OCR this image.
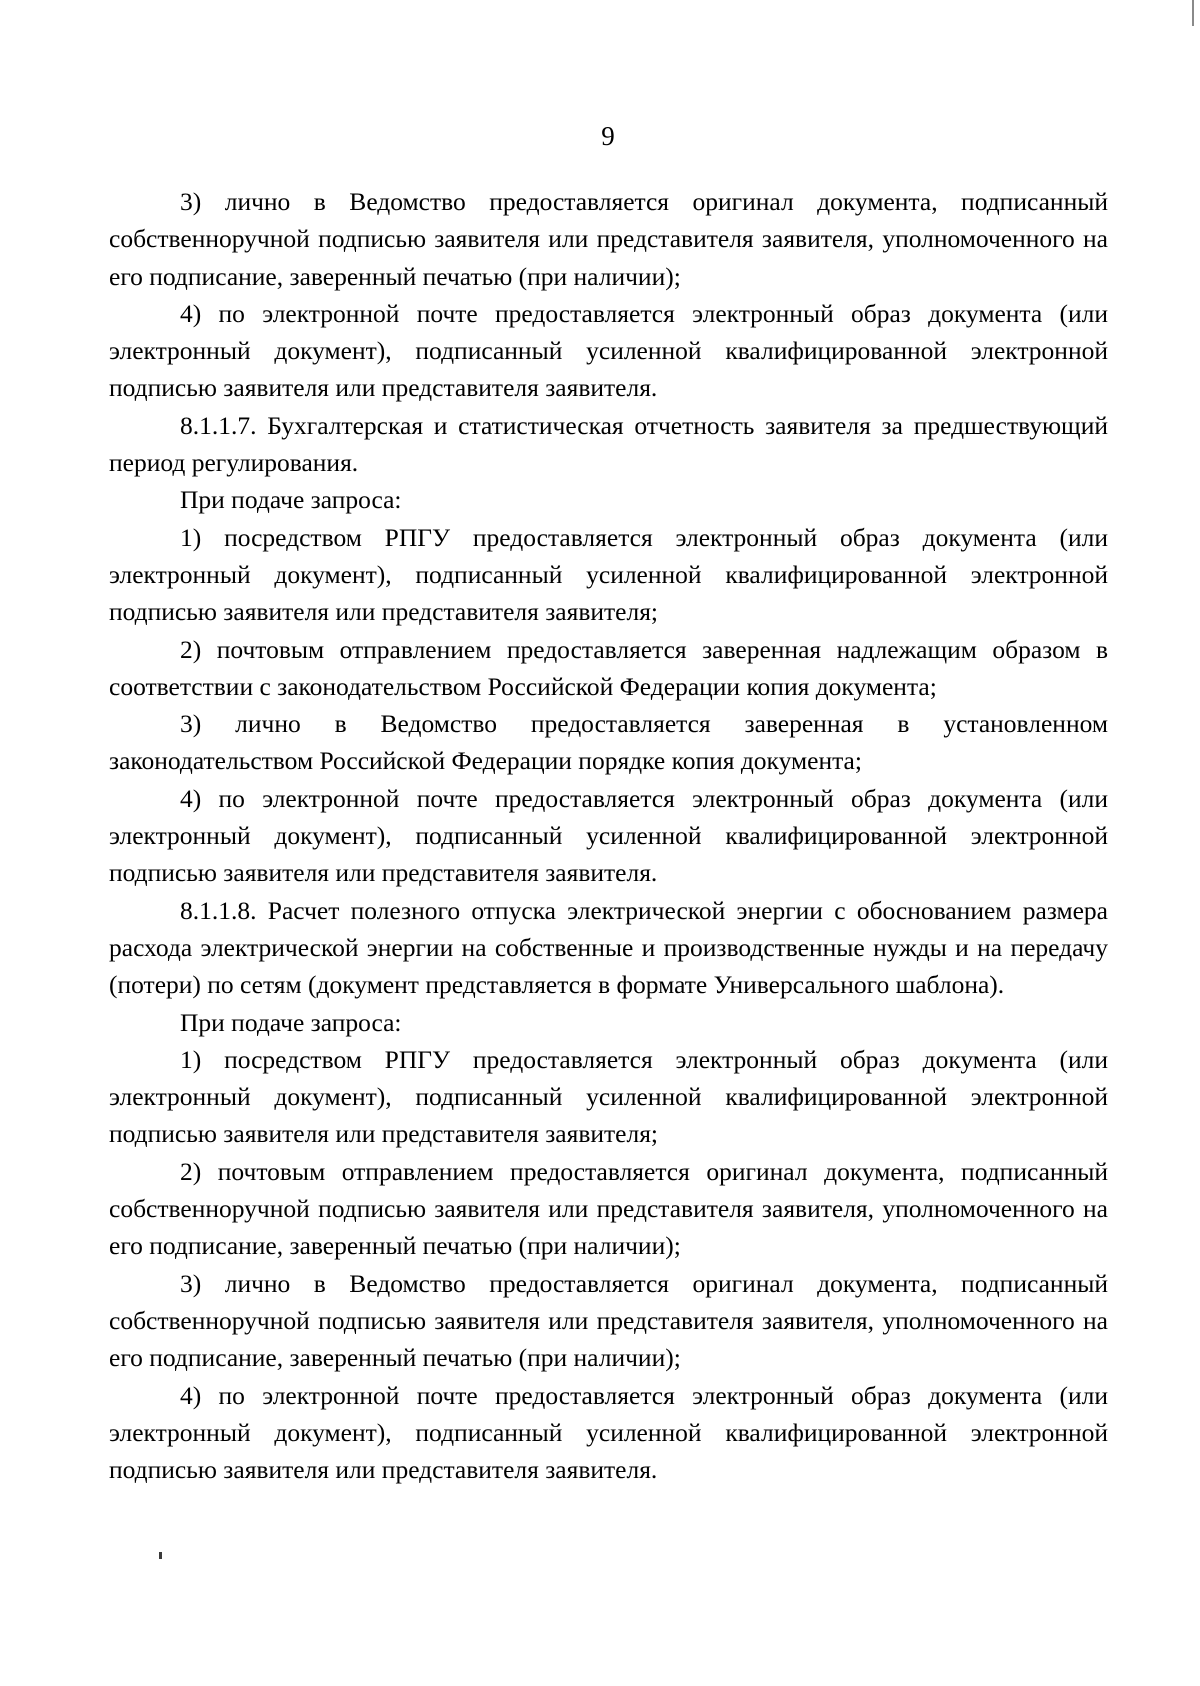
9

3) лично в Ведомство предоставляется оригинал документа, подписанный собственноручной подписью заявителя или представителя заявителя, уполномоченного на его подписание, заверенный печатью (при наличии);

4) по электронной почте предоставляется электронный образ документа (или электронный документ), подписанный усиленной квалифицированной электронной подписью заявителя или представителя заявителя.

8.1.1.7. Бухгалтерская и статистическая отчетность заявителя за предшествующий период регулирования.

При подаче запроса:

1) посредством РПГУ предоставляется электронный образ документа (или электронный документ), подписанный усиленной квалифицированной электронной подписью заявителя или представителя заявителя;

2) почтовым отправлением предоставляется заверенная надлежащим образом в соответствии с законодательством Российской Федерации копия документа;

3) лично в Ведомство предоставляется заверенная в установленном законодательством Российской Федерации порядке копия документа;

4) по электронной почте предоставляется электронный образ документа (или электронный документ), подписанный усиленной квалифицированной электронной подписью заявителя или представителя заявителя.

8.1.1.8. Расчет полезного отпуска электрической энергии с обоснованием размера расхода электрической энергии на собственные и производственные нужды и на передачу (потери) по сетям (документ представляется в формате Универсального шаблона).

При подаче запроса:

1) посредством РПГУ предоставляется электронный образ документа (или электронный документ), подписанный усиленной квалифицированной электронной подписью заявителя или представителя заявителя;

2) почтовым отправлением предоставляется оригинал документа, подписанный собственноручной подписью заявителя или представителя заявителя, уполномоченного на его подписание, заверенный печатью (при наличии);

3) лично в Ведомство предоставляется оригинал документа, подписанный собственноручной подписью заявителя или представителя заявителя, уполномоченного на его подписание, заверенный печатью (при наличии);

4) по электронной почте предоставляется электронный образ документа (или электронный документ), подписанный усиленной квалифицированной электронной подписью заявителя или представителя заявителя.
